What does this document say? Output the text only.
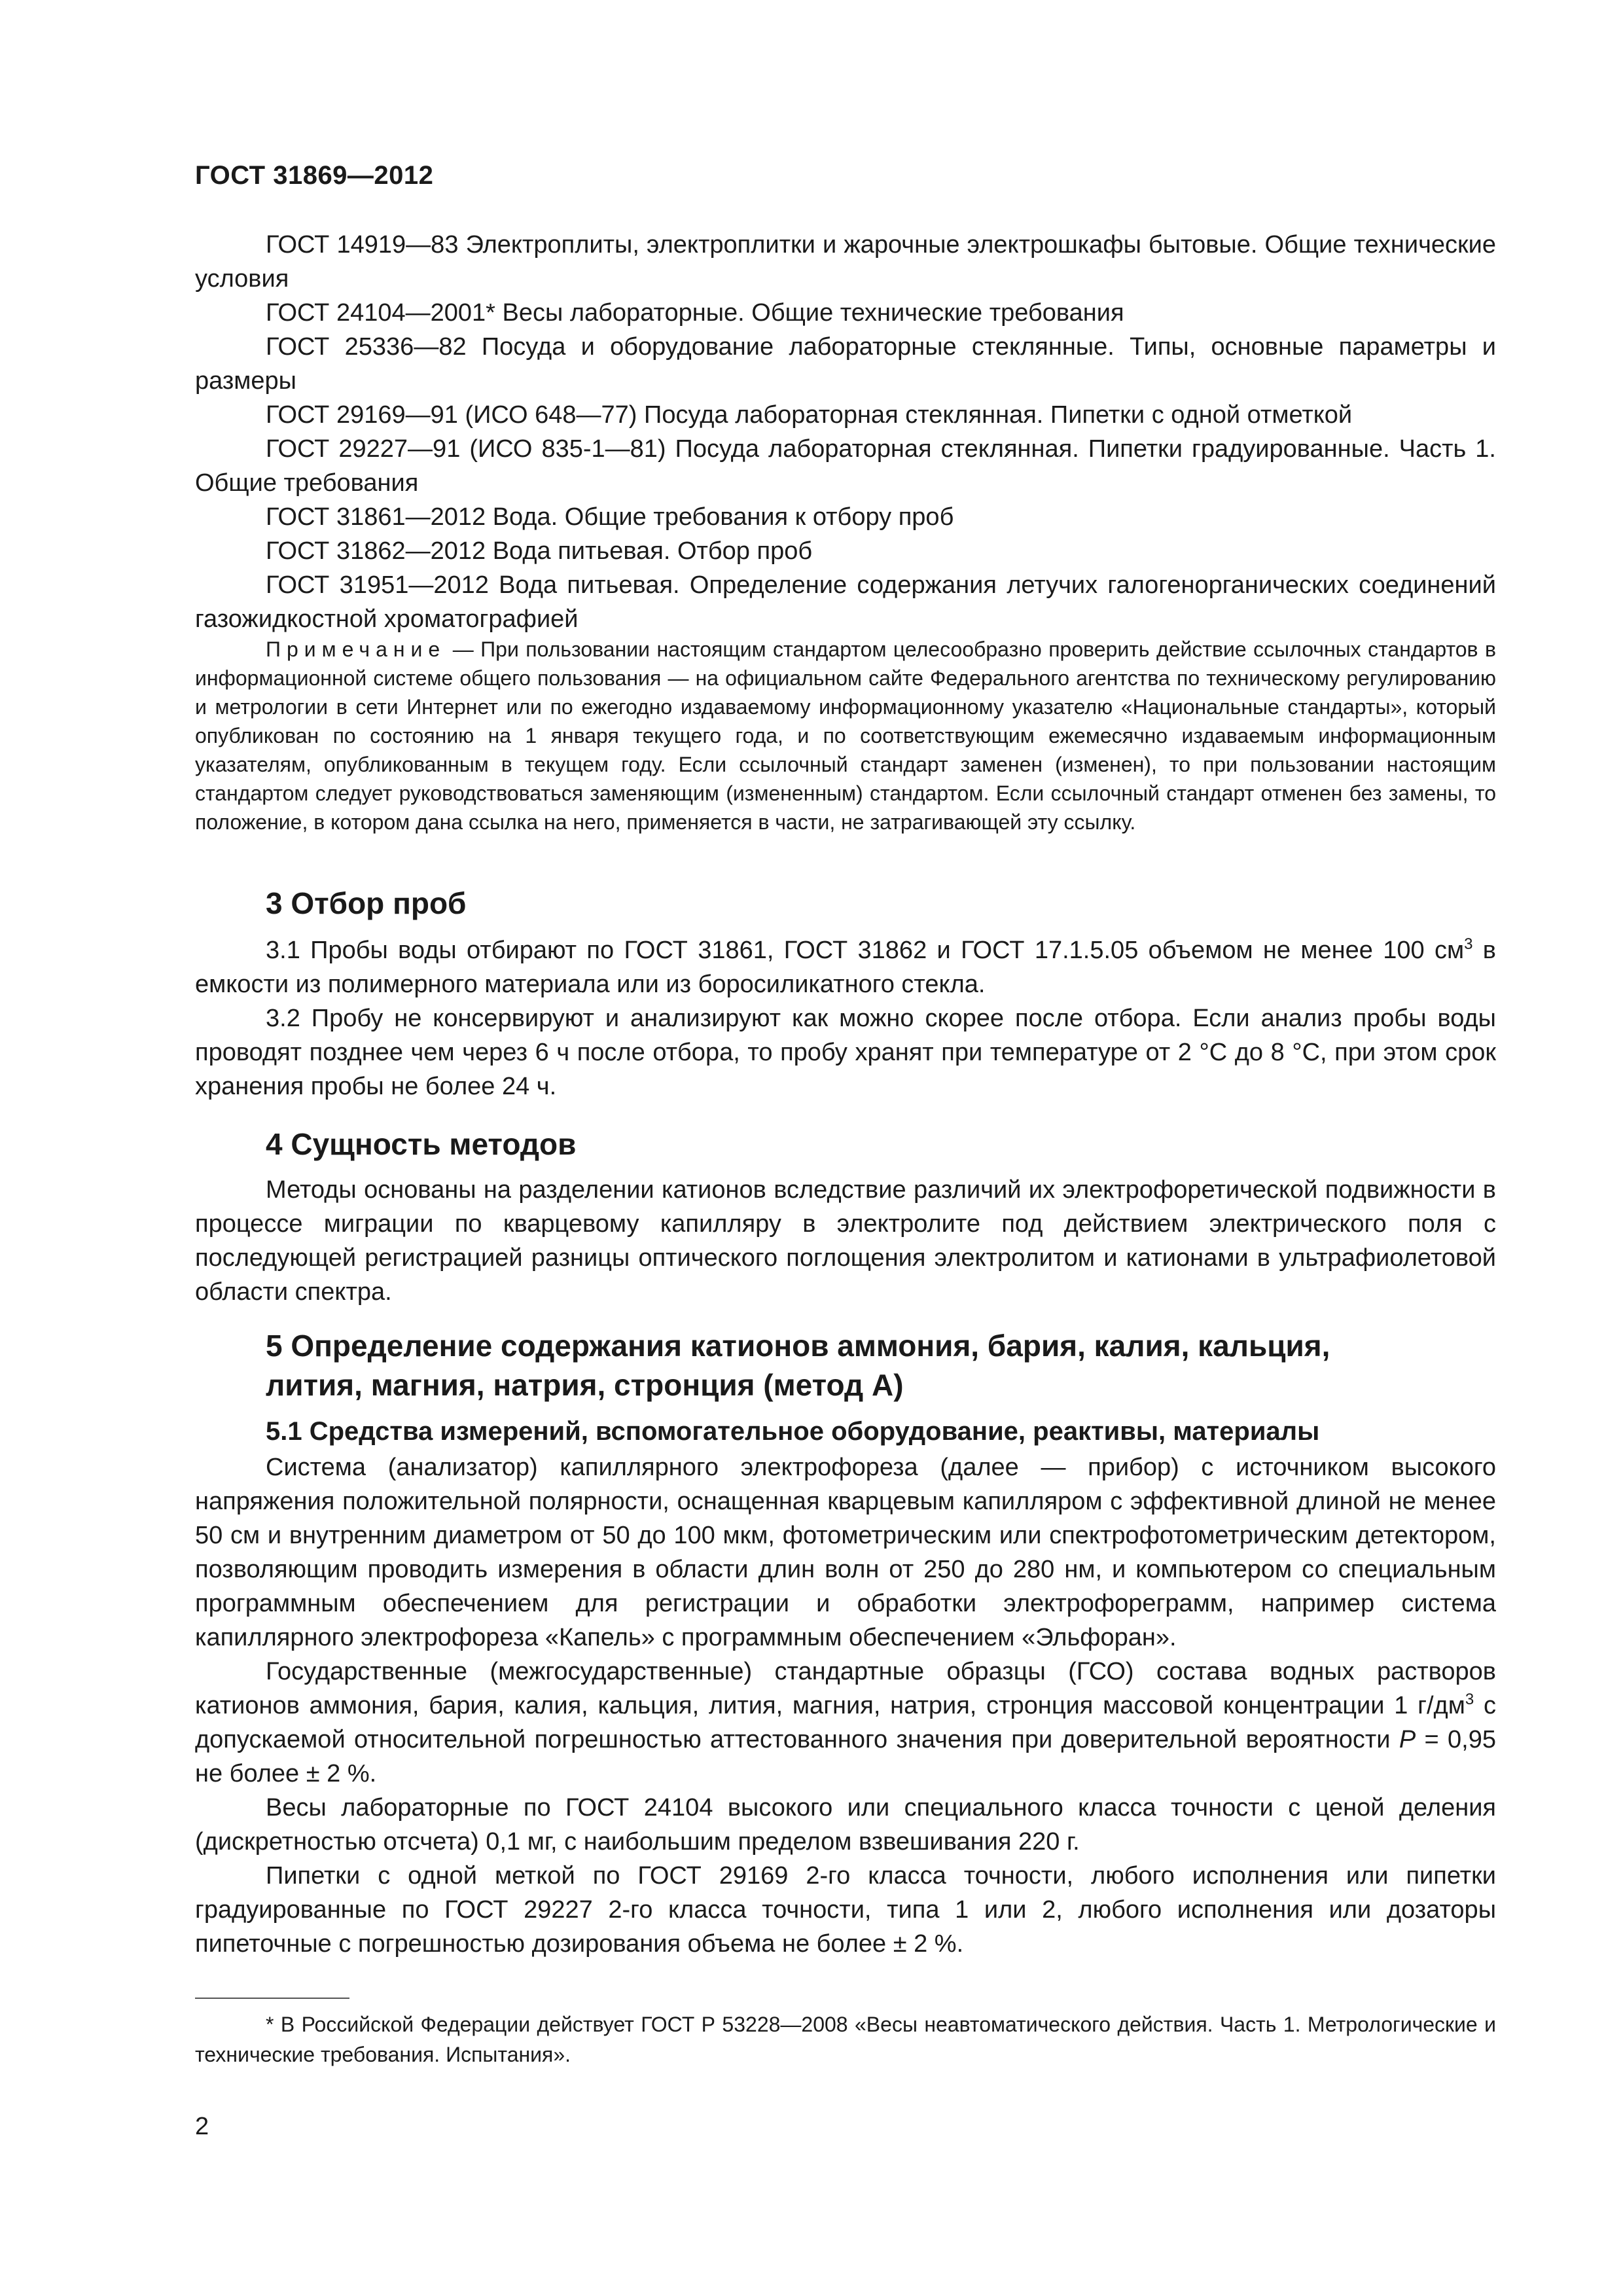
ГОСТ 31869—2012

ГОСТ 14919—83 Электроплиты, электроплитки и жарочные электрошкафы бытовые. Общие технические условия

ГОСТ 24104—2001* Весы лабораторные. Общие технические требования

ГОСТ 25336—82 Посуда и оборудование лабораторные стеклянные. Типы, основные параметры и размеры

ГОСТ 29169—91 (ИСО 648—77) Посуда лабораторная стеклянная. Пипетки с одной отметкой

ГОСТ 29227—91 (ИСО 835-1—81) Посуда лабораторная стеклянная. Пипетки градуированные. Часть 1. Общие требования

ГОСТ 31861—2012 Вода. Общие требования к отбору проб

ГОСТ 31862—2012 Вода питьевая. Отбор проб

ГОСТ 31951—2012 Вода питьевая. Определение содержания летучих галогенорганических соединений газожидкостной хроматографией

Примечание — При пользовании настоящим стандартом целесообразно проверить действие ссылочных стандартов в информационной системе общего пользования — на официальном сайте Федерального агентства по техническому регулированию и метрологии в сети Интернет или по ежегодно издаваемому информационному указателю «Национальные стандарты», который опубликован по состоянию на 1 января текущего года, и по соответствующим ежемесячно издаваемым информационным указателям, опубликованным в текущем году. Если ссылочный стандарт заменен (изменен), то при пользовании настоящим стандартом следует руководствоваться заменяющим (измененным) стандартом. Если ссылочный стандарт отменен без замены, то положение, в котором дана ссылка на него, применяется в части, не затрагивающей эту ссылку.

3 Отбор проб

3.1 Пробы воды отбирают по ГОСТ 31861, ГОСТ 31862 и ГОСТ 17.1.5.05 объемом не менее 100 $см^3$ в емкости из полимерного материала или из боросиликатного стекла.

3.2 Пробу не консервируют и анализируют как можно скорее после отбора. Если анализ пробы воды проводят позднее чем через 6 ч после отбора, то пробу хранят при температуре от 2 °C до 8 °C, при этом срок хранения пробы не более 24 ч.

4 Сущность методов

Методы основаны на разделении катионов вследствие различий их электрофоретической подвижности в процессе миграции по кварцевому капилляру в электролите под действием электрического поля с последующей регистрацией разницы оптического поглощения электролитом и катионами в ультрафиолетовой области спектра.

5 Определение содержания катионов аммония, бария, калия, кальция, лития, магния, натрия, стронция (метод А)
5.1 Средства измерений, вспомогательное оборудование, реактивы, материалы

Система (анализатор) капиллярного электрофореза (далее — прибор) с источником высокого напряжения положительной полярности, оснащенная кварцевым капилляром с эффективной длиной не менее 50 см и внутренним диаметром от 50 до 100 мкм, фотометрическим или спектрофотометрическим детектором, позволяющим проводить измерения в области длин волн от 250 до 280 нм, и компьютером со специальным программным обеспечением для регистрации и обработки электрофореграмм, например система капиллярного электрофореза «Капель» с программным обеспечением «Эльфоран».

Государственные (межгосударственные) стандартные образцы (ГСО) состава водных растворов катионов аммония, бария, калия, кальция, лития, магния, натрия, стронция массовой концентрации 1 $г/дм^3$ с допускаемой относительной погрешностью аттестованного значения при доверительной вероятности P = 0,95 не более ± 2 %.

Весы лабораторные по ГОСТ 24104 высокого или специального класса точности с ценой деления (дискретностью отсчета) 0,1 мг, с наибольшим пределом взвешивания 220 г.

Пипетки с одной меткой по ГОСТ 29169 2-го класса точности, любого исполнения или пипетки градуированные по ГОСТ 29227 2-го класса точности, типа 1 или 2, любого исполнения или дозаторы пипеточные с погрешностью дозирования объема не более ± 2 %.

* В Российской Федерации действует ГОСТ Р 53228—2008 «Весы неавтоматического действия. Часть 1. Метрологические и технические требования. Испытания».

2
